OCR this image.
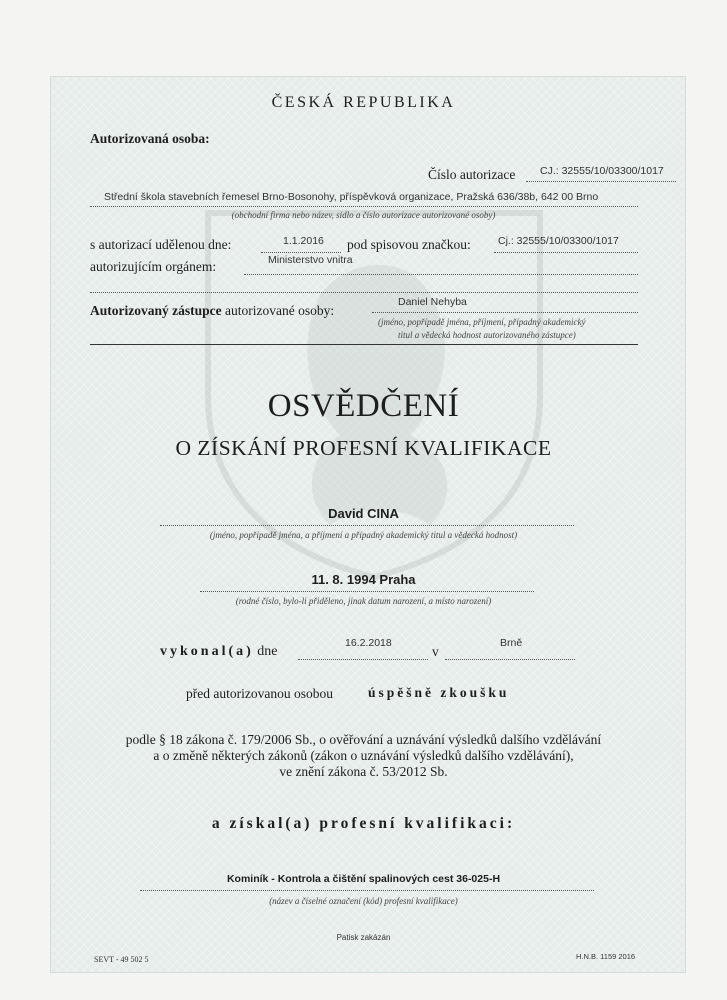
ČESKÁ REPUBLIKA
Autorizovaná osoba:
Číslo autorizace CJ.: 32555/10/03300/1017
Střední škola stavebních řemesel Brno-Bosonohy, příspěvková organizace, Pražská 636/38b, 642 00 Brno
(obchodní firma nebo název, sídlo a číslo autorizace autorizované osoby)
s autorizací udělenou dne:	1.1.2016 pod spisovou značkou:	Cj.: 32555/10/03300/1017
autorizujícím orgánem:	Ministerstvo vnitra
Autorizovaný zástupce autorizované osoby:
Daniel Nehyba
(jméno, popřípadě jména, příjmení, případný akademický
titul a vědecká hodnost autorizovaného zástupce)
OSVĚDČENÍ
O ZÍSKÁNÍ PROFESNÍ KVALIFIKACE
David CINA
(jméno, popřípadě jména, a příjmení a případný akademický titul a vědecká hodnost)
11. 8. 1994 Praha
(rodné číslo, bylo-li přiděleno, jinak datum narození, a místo narození)
vykonal(a) dne
16.2.2018
v
Brně
před autorizovanou osobou	úspěšně zkoušku
podle § 18 zákona č. 179/2006 Sb., o ověřování a uznávání výsledků dalšího vzdělávání
a o změně některých zákonů (zákon o uznávání výsledků dalšího vzdělávání),
ve znění zákona č. 53/2012 Sb.
a získal(a) profesní kvalifikaci:
Kominík - Kontrola a čištění spalinových cest 36-025-H
(název a číselné označení (kód) profesní kvalifikace)
Patisk zakázán
SEVT - 49 502 5	H.N.B. 1159 2016
